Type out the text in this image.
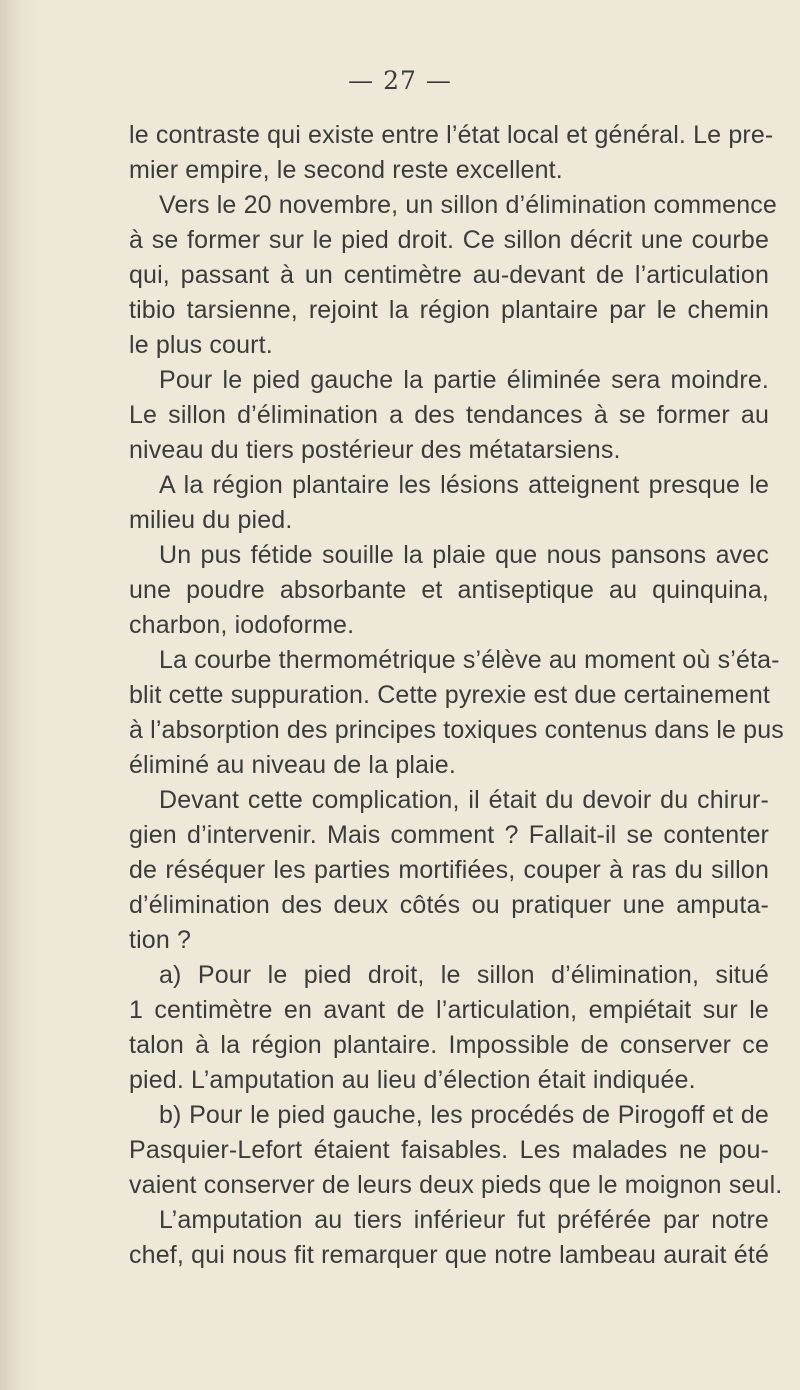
— 27 —
le contraste qui existe entre l’état local et général. Le pre-
mier empire, le second reste excellent.
Vers le 20 novembre, un sillon d’élimination commence
à se former sur le pied droit. Ce sillon décrit une courbe
qui, passant à un centimètre au-devant de l’articulation
tibio tarsienne, rejoint la région plantaire par le chemin
le plus court.
Pour le pied gauche la partie éliminée sera moindre.
Le sillon d’élimination a des tendances à se former au
niveau du tiers postérieur des métatarsiens.
A la région plantaire les lésions atteignent presque le
milieu du pied.
Un pus fétide souille la plaie que nous pansons avec
une poudre absorbante et antiseptique au quinquina,
charbon, iodoforme.
La courbe thermométrique s’élève au moment où s’éta-
blit cette suppuration. Cette pyrexie est due certainement
à l’absorption des principes toxiques contenus dans le pus
éliminé au niveau de la plaie.
Devant cette complication, il était du devoir du chirur-
gien d’intervenir. Mais comment ? Fallait-il se contenter
de réséquer les parties mortifiées, couper à ras du sillon
d’élimination des deux côtés ou pratiquer une amputa-
tion ?
a) Pour le pied droit, le sillon d’élimination, situé
1 centimètre en avant de l’articulation, empiétait sur le
talon à la région plantaire. Impossible de conserver ce
pied. L’amputation au lieu d’élection était indiquée.
b) Pour le pied gauche, les procédés de Pirogoff et de
Pasquier-Lefort étaient faisables. Les malades ne pou-
vaient conserver de leurs deux pieds que le moignon seul.
L’amputation au tiers inférieur fut préférée par notre
chef, qui nous fit remarquer que notre lambeau aurait été
